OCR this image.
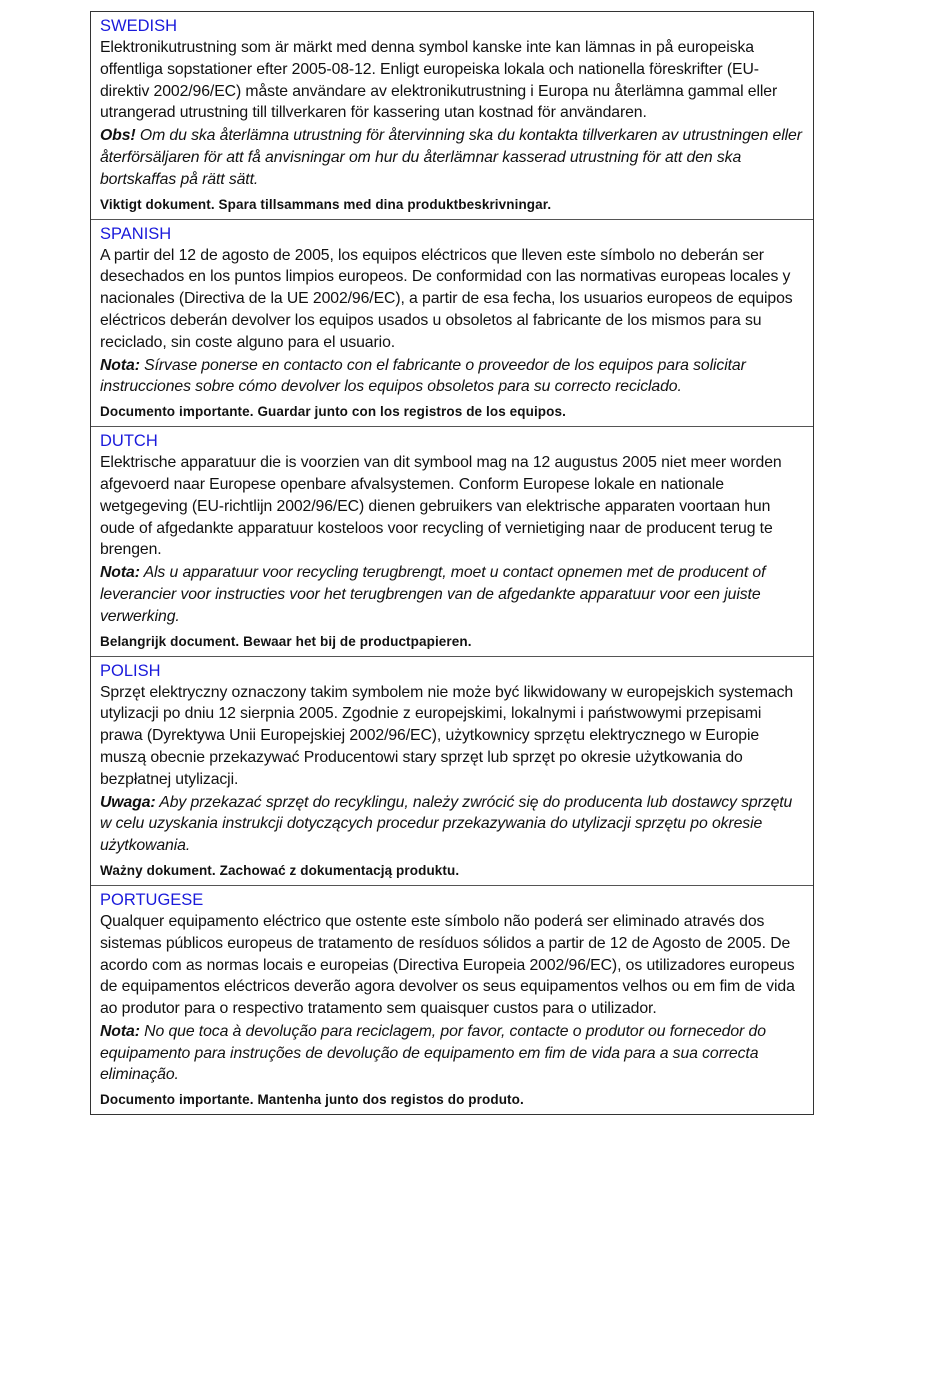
SWEDISH

Elektronikutrustning som är märkt med denna symbol kanske inte kan lämnas in på europeiska offentliga sopstationer efter 2005-08-12. Enligt europeiska lokala och nationella föreskrifter (EU-direktiv 2002/96/EC) måste användare av elektronikutrustning i Europa nu återlämna gammal eller utrangerad utrustning till tillverkaren för kassering utan kostnad för användaren.

Obs! Om du ska återlämna utrustning för återvinning ska du kontakta tillverkaren av utrustningen eller återförsäljaren för att få anvisningar om hur du återlämnar kasserad utrustning för att den ska bortskaffas på rätt sätt.

Viktigt dokument. Spara tillsammans med dina produktbeskrivningar.

SPANISH

A partir del 12 de agosto de 2005, los equipos eléctricos que lleven este símbolo no deberán ser desechados en los puntos limpios europeos. De conformidad con las normativas europeas locales y nacionales (Directiva de la UE 2002/96/EC), a partir de esa fecha, los usuarios europeos de equipos eléctricos deberán devolver los equipos usados u obsoletos al fabricante de los mismos para su reciclado, sin coste alguno para el usuario.

Nota: Sírvase ponerse en contacto con el fabricante o proveedor de los equipos para solicitar instrucciones sobre cómo devolver los equipos obsoletos para su correcto reciclado.

Documento importante. Guardar junto con los registros de los equipos.

DUTCH

Elektrische apparatuur die is voorzien van dit symbool mag na 12 augustus 2005 niet meer worden afgevoerd naar Europese openbare afvalsystemen. Conform Europese lokale en nationale wetgegeving (EU-richtlijn 2002/96/EC) dienen gebruikers van elektrische apparaten voortaan hun oude of afgedankte apparatuur kosteloos voor recycling of vernietiging naar de producent terug te brengen.

Nota: Als u apparatuur voor recycling terugbrengt, moet u contact opnemen met de producent of leverancier voor instructies voor het terugbrengen van de afgedankte apparatuur voor een juiste verwerking.

Belangrijk document. Bewaar het bij de productpapieren.

POLISH

Sprzęt elektryczny oznaczony takim symbolem nie może być likwidowany w europejskich systemach utylizacji po dniu 12 sierpnia 2005. Zgodnie z europejskimi, lokalnymi i państwowymi przepisami prawa (Dyrektywa Unii Europejskiej 2002/96/EC), użytkownicy sprzętu elektrycznego w Europie muszą obecnie przekazywać Producentowi stary sprzęt lub sprzęt po okresie użytkowania do bezpłatnej utylizacji.

Uwaga: Aby przekazać sprzęt do recyklingu, należy zwrócić się do producenta lub dostawcy sprzętu w celu uzyskania instrukcji dotyczących procedur przekazywania do utylizacji sprzętu po okresie użytkowania.

Ważny dokument. Zachować z dokumentacją produktu.

PORTUGESE

Qualquer equipamento eléctrico que ostente este símbolo não poderá ser eliminado através dos sistemas públicos europeus de tratamento de resíduos sólidos a partir de 12 de Agosto de 2005. De acordo com as normas locais e europeias (Directiva Europeia 2002/96/EC), os utilizadores europeus de equipamentos eléctricos deverão agora devolver os seus equipamentos velhos ou em fim de vida ao produtor para o respectivo tratamento sem quaisquer custos para o utilizador.

Nota: No que toca à devolução para reciclagem, por favor, contacte o produtor ou fornecedor do equipamento para instruções de devolução de equipamento em fim de vida para a sua correcta eliminação.

Documento importante. Mantenha junto dos registos do produto.
